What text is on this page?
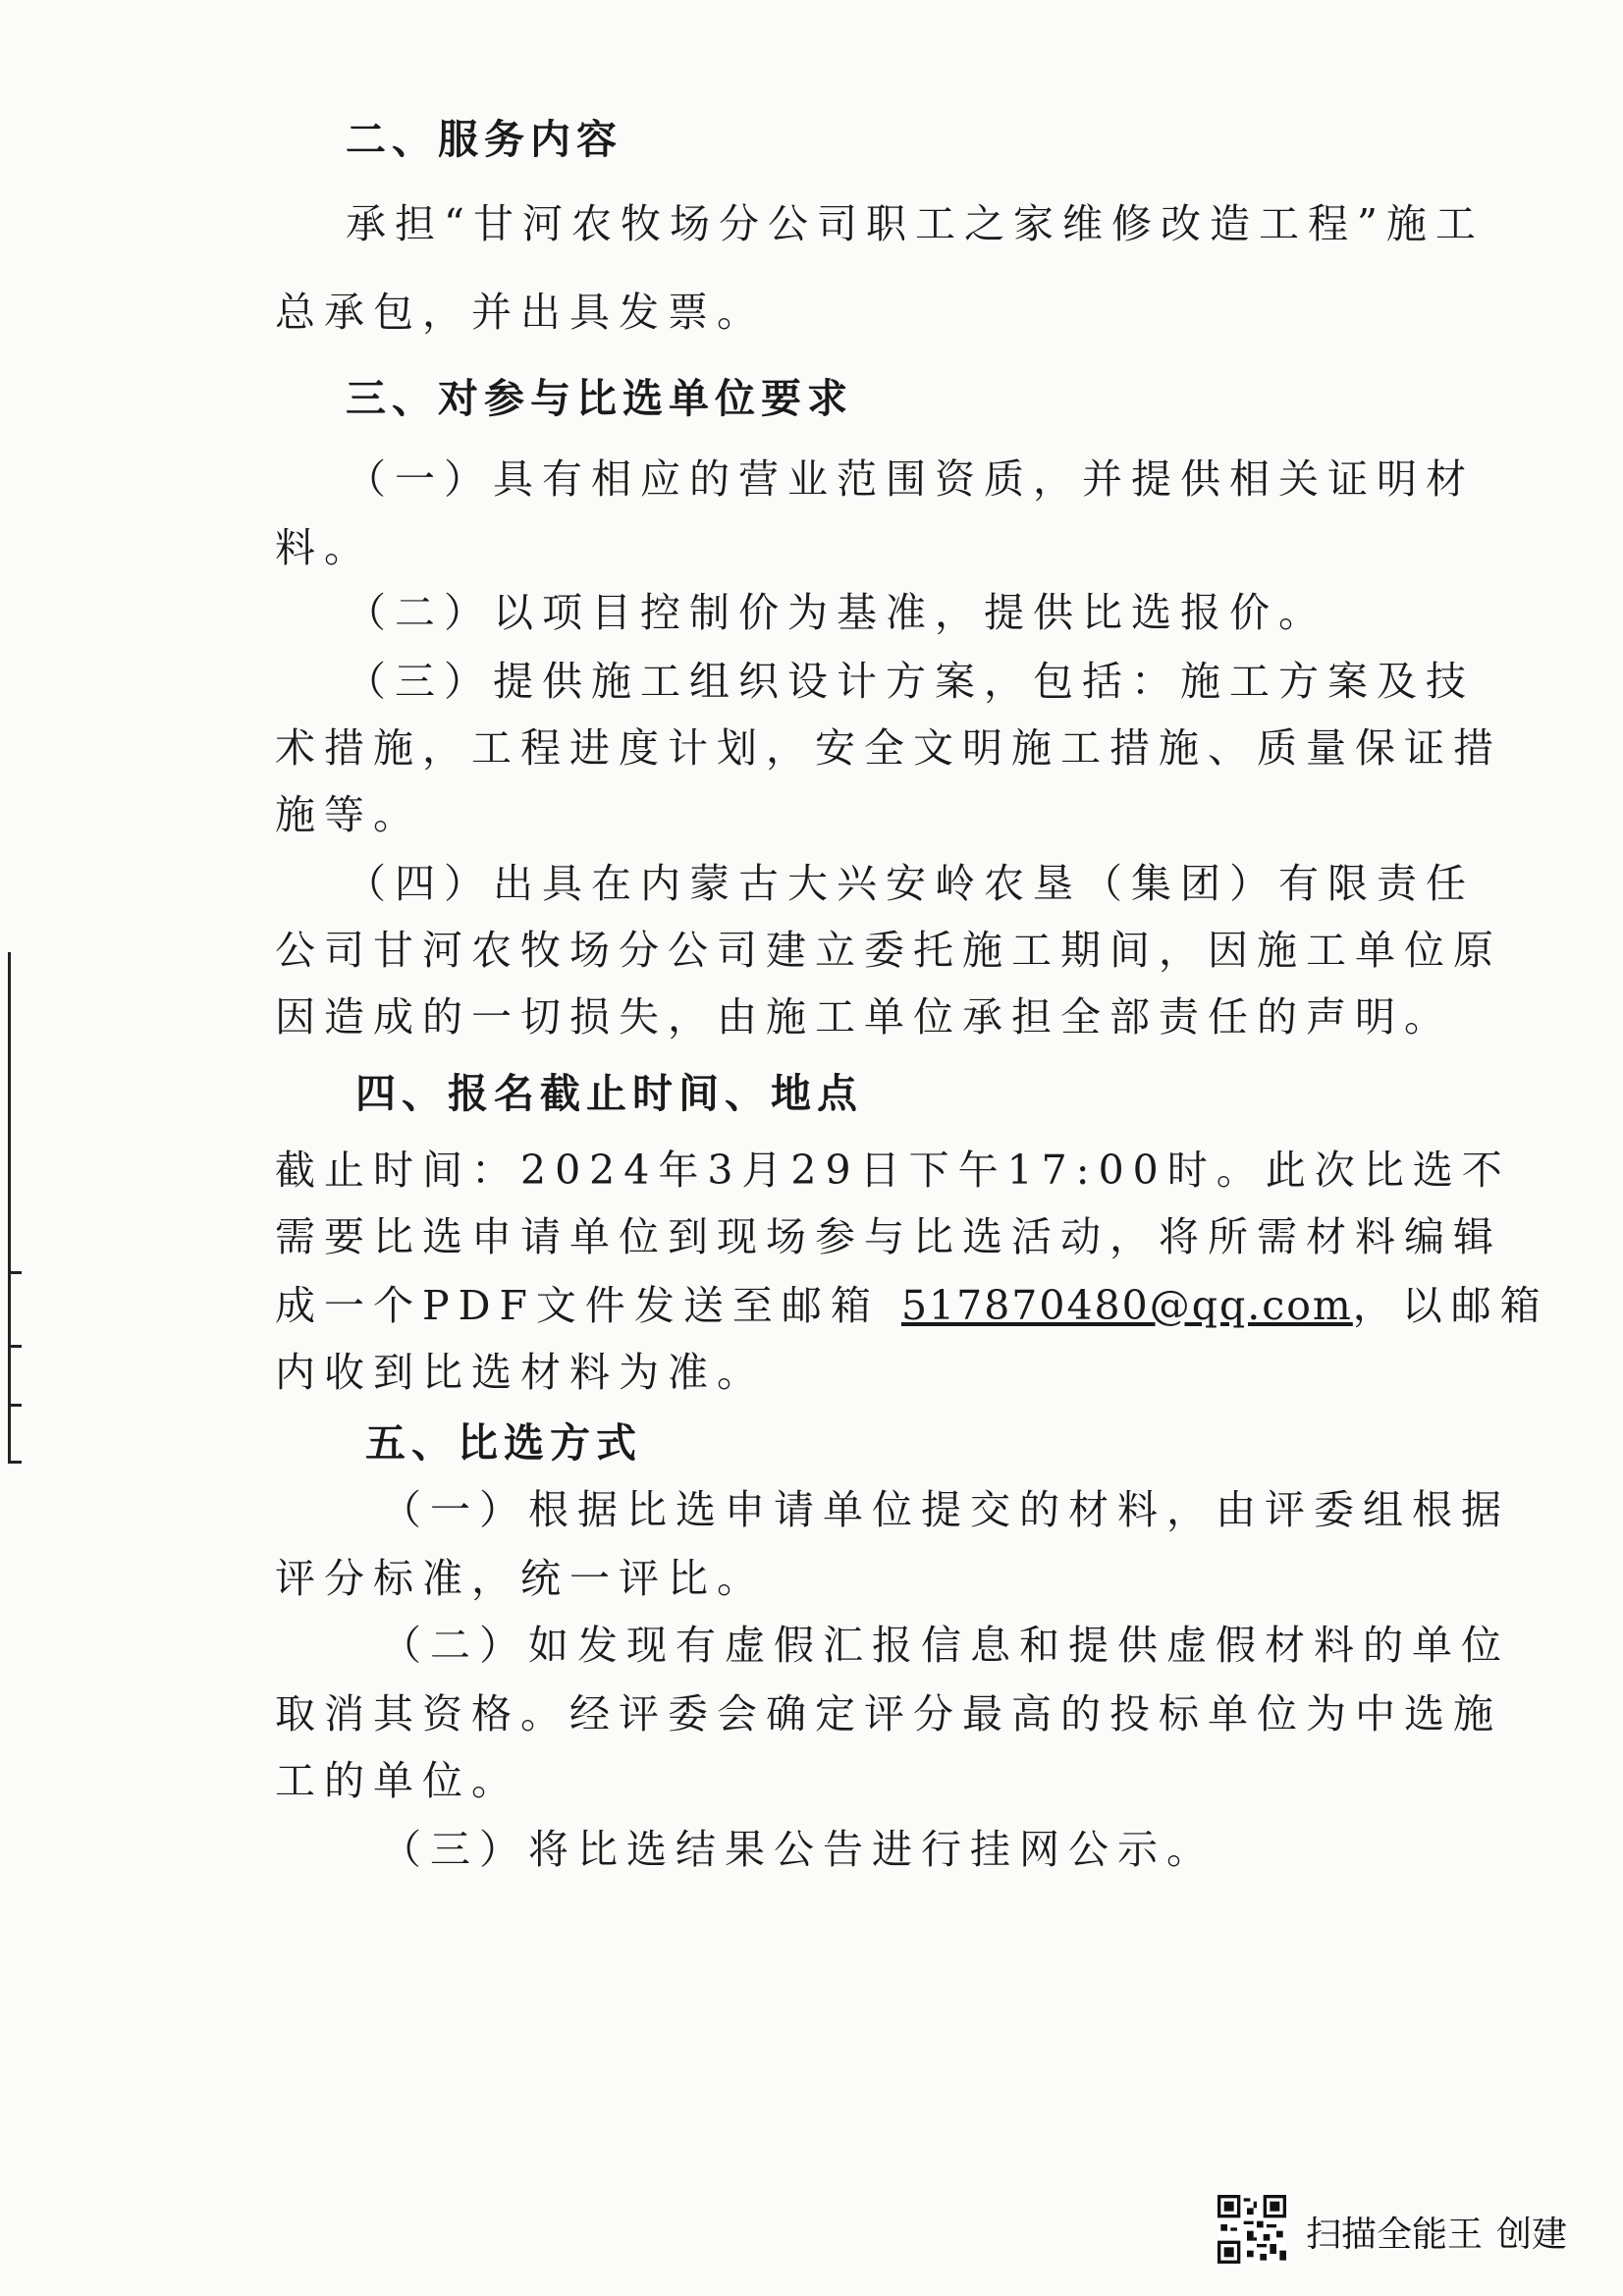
二、服务内容
承担“甘河农牧场分公司职工之家维修改造工程”施工
总承包，并出具发票。
三、对参与比选单位要求
（一）具有相应的营业范围资质，并提供相关证明材
料。
（二）以项目控制价为基准，提供比选报价。
（三）提供施工组织设计方案，包括：施工方案及技
术措施，工程进度计划，安全文明施工措施、质量保证措
施等。
（四）出具在内蒙古大兴安岭农垦（集团）有限责任
公司甘河农牧场分公司建立委托施工期间，因施工单位原
因造成的一切损失，由施工单位承担全部责任的声明。
四、报名截止时间、地点
截止时间：2024年3月29日下午17:00时。此次比选不
需要比选申请单位到现场参与比选活动，将所需材料编辑
成一个PDF文件发送至邮箱 517870480@qq.com，以邮箱
内收到比选材料为准。
五、比选方式
（一）根据比选申请单位提交的材料，由评委组根据
评分标准，统一评比。
（二）如发现有虚假汇报信息和提供虚假材料的单位
取消其资格。经评委会确定评分最高的投标单位为中选施
工的单位。
（三）将比选结果公告进行挂网公示。
扫描全能王 创建
